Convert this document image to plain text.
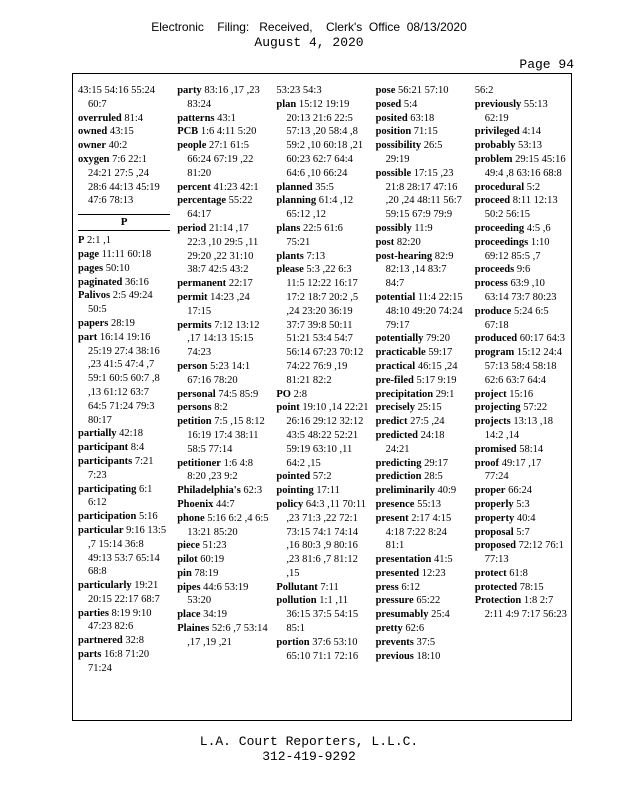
Electronic    Filing:   Received,    Clerk's  Office  08/13/2020
August 4, 2020
Page 94
43:15 54:16 55:24 60:7
overruled 81:4
owned 43:15
owner 40:2
oxygen 7:6 22:1 24:21 27:5 ,24 28:6 44:13 45:19 47:6 78:13
P
P 2:1 ,1
page 11:11 60:18
pages 50:10
paginated 36:16
Palivos 2:5 49:24 50:5
papers 28:19
part 16:14 19:16 25:19 27:4 38:16 ,23 41:5 47:4 ,7 59:1 60:5 60:7 ,8 ,13 61:12 63:7 64:5 71:24 79:3 80:17
partially 42:18
participant 8:4
participants 7:21 7:23
participating 6:1 6:12
participation 5:16
particular 9:16 13:5 ,7 15:14 36:8 49:13 53:7 65:14 68:8
particularly 19:21 20:15 22:17 68:7
parties 8:19 9:10 47:23 82:6
partnered 32:8
parts 16:8 71:20 71:24
party 83:16 ,17 ,23 83:24
patterns 43:1
PCB 1:6 4:11 5:20
people 27:1 61:5 66:24 67:19 ,22 81:20
percent 41:23 42:1
percentage 55:22 64:17
period 21:14 ,17 22:3 ,10 29:5 ,11 29:20 ,22 31:10 38:7 42:5 43:2
permanent 22:17
permit 14:23 ,24 17:15
permits 7:12 13:12 ,17 14:13 15:15 74:23
person 5:23 14:1 67:16 78:20
personal 74:5 85:9
persons 8:2
petition 7:5 ,15 8:12 16:19 17:4 38:11 58:5 77:14
petitioner 1:6 4:8 8:20 ,23 9:2
Philadelphia's 62:3
Phoenix 44:7
phone 5:16 6:2 ,4 6:5 13:21 85:20
piece 51:23
pilot 60:19
pin 78:19
pipes 44:6 53:19 53:20
place 34:19
Plaines 52:6 ,7 53:14 ,17 ,19 ,21
53:23 54:3
plan 15:12 19:19 20:13 21:6 22:5 57:13 ,20 58:4 ,8 59:2 ,10 60:18 ,21 60:23 62:7 64:4 64:6 ,10 66:24
planned 35:5
planning 61:4 ,12 65:12 ,12
plans 22:5 61:6 75:21
plants 7:13
please 5:3 ,22 6:3 11:5 12:22 16:17 17:2 18:7 20:2 ,5 ,24 23:20 36:19 37:7 39:8 50:11 51:21 53:4 54:7 56:14 67:23 70:12 74:22 76:9 ,19 81:21 82:2
PO 2:8
point 19:10 ,14 22:21 26:16 29:12 32:12 43:5 48:22 52:21 59:19 63:10 ,11 64:2 ,15
pointed 57:2
pointing 17:11
policy 64:3 ,11 70:11 ,23 71:3 ,22 72:1 73:15 74:1 74:14 ,16 80:3 ,9 80:16 ,23 81:6 ,7 81:12 ,15
Pollutant 7:11
pollution 1:1 ,11 36:15 37:5 54:15 85:1
portion 37:6 53:10 65:10 71:1 72:16
pose 56:21 57:10
posed 5:4
posited 63:18
position 71:15
possibility 26:5 29:19
possible 17:15 ,23 21:8 28:17 47:16 ,20 ,24 48:11 56:7 59:15 67:9 79:9
possibly 11:9
post 82:20
post-hearing 82:9 82:13 ,14 83:7 84:7
potential 11:4 22:15 48:10 49:20 74:24 79:17
potentially 79:20
practicable 59:17
practical 46:15 ,24
pre-filed 5:17 9:19
precipitation 29:1
precisely 25:15
predict 27:5 ,24
predicted 24:18 24:21
predicting 29:17
prediction 28:5
preliminarily 40:9
presence 55:13
present 2:17 4:15 4:18 7:22 8:24 81:1
presentation 41:5
presented 12:23
press 6:12
pressure 65:22
presumably 25:4
pretty 62:6
prevents 37:5
previous 18:10
56:2
previously 55:13 62:19
privileged 4:14
probably 53:13
problem 29:15 45:16 49:4 ,8 63:16 68:8
procedural 5:2
proceed 8:11 12:13 50:2 56:15
proceeding 4:5 ,6
proceedings 1:10 69:12 85:5 ,7
proceeds 9:6
process 63:9 ,10 63:14 73:7 80:23
produce 5:24 6:5 67:18
produced 60:17 64:3
program 15:12 24:4 57:13 58:4 58:18 62:6 63:7 64:4
project 15:16
projecting 57:22
projects 13:13 ,18 14:2 ,14
promised 58:14
proof 49:17 ,17 77:24
proper 66:24
properly 5:3
property 40:4
proposal 5:7
proposed 72:12 76:1 77:13
protect 61:8
protected 78:15
Protection 1:8 2:7 2:11 4:9 7:17 56:23
L.A. Court Reporters, L.L.C.
312-419-9292
